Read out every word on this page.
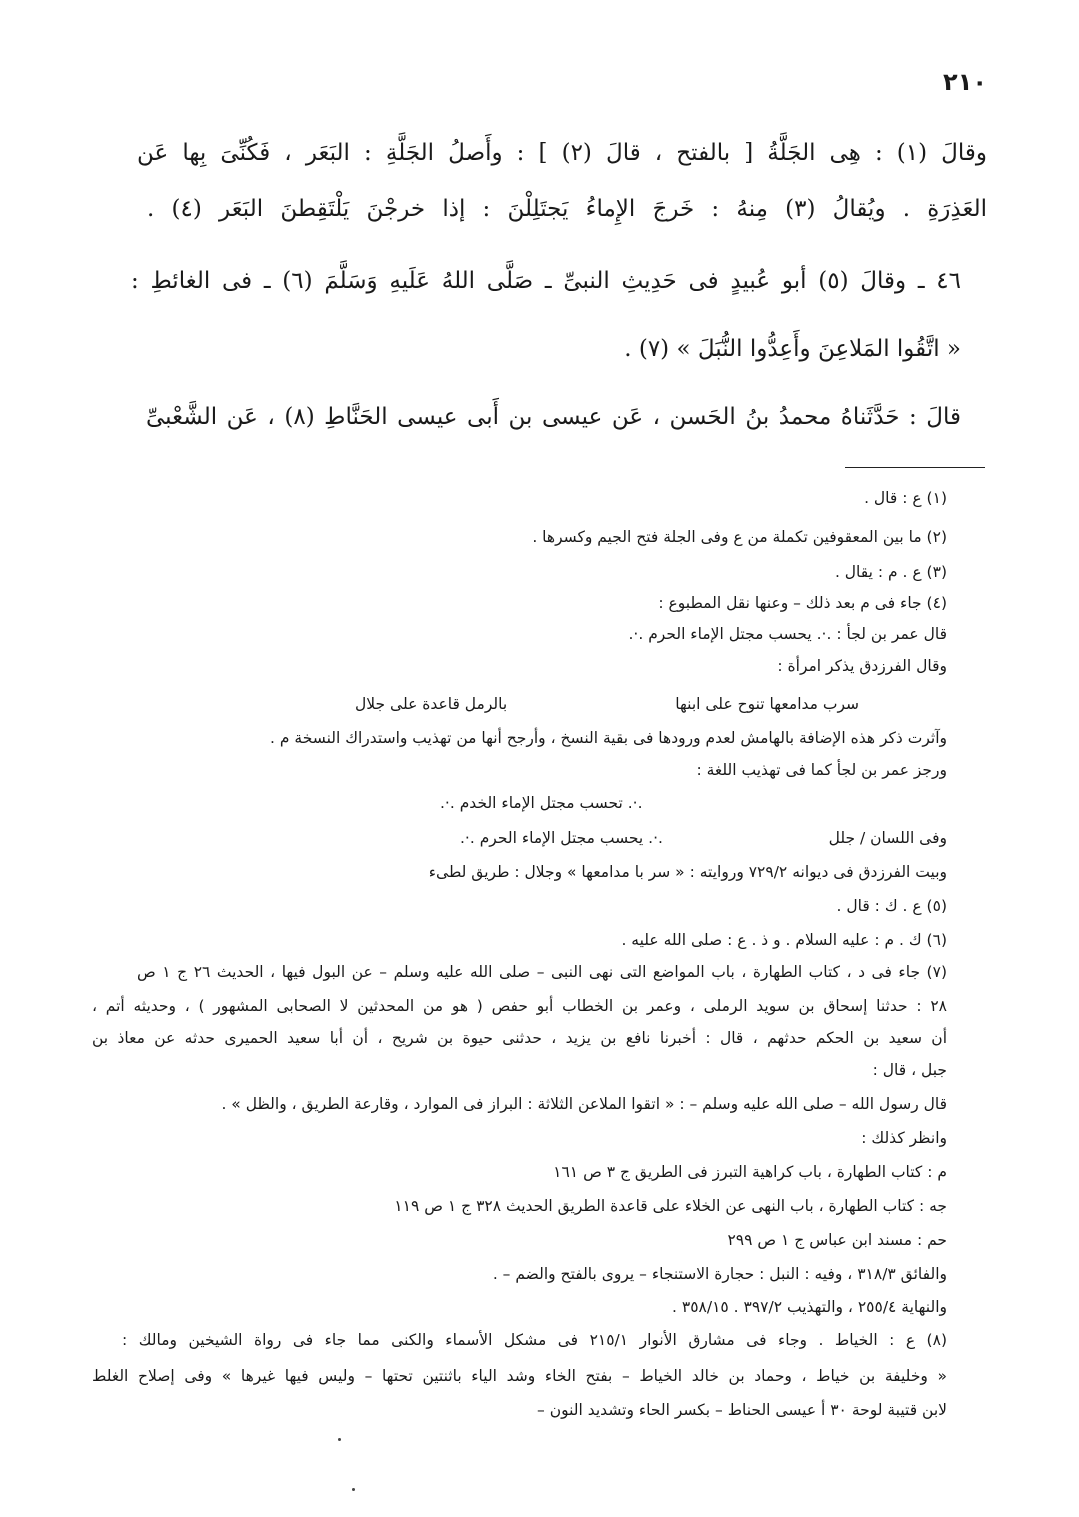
٢١٠
وقالَ (١) : هِى الجَلَّةُ [ بالفتح ، قالَ (٢) ] : وأَصلُ الجَلَّةِ : البَعَر ، فَكُنِّىَ بِها عَن
العَذِرَةِ . ويُقالُ (٣) مِنهُ : خَرجَ الإِماءُ يَجتَلِلْنَ : إذا خرجْنَ يَلْتَقِطنَ البَعَر (٤) .
٤٦ ـ وقالَ (٥) أبو عُبيدٍ فى حَدِيثِ النبىِّ ـ صَلَّى اللهُ عَلَيهِ وَسَلَّمَ (٦) ـ فى الغائطِ :
« اتَّقُوا المَلاعِنَ وأَعِدُّوا النُّبَلَ » (٧) .
قالَ : حَدَّثَناهُ محمدُ بنُ الحَسن ، عَن عيسى بن أَبى عيسى الحَنَّاطِ (٨) ، عَن الشَّعْبىِّ
(١) ع : قال .
(٢) ما بين المعقوفين تكملة من ع وفى الجلة فتح الجيم وكسرها .
(٣) ع . م : يقال .
(٤) جاء فى م بعد ذلك – وعنها نقل المطبوع :
قال عمر بن لجأ : .·. يحسب مجتل الإماء الحرم .·.
وقال الفرزدق يذكر امرأة :
سرب مدامعها تنوح على ابنها
بالرمل قاعدة على جلال
وآثرت ذكر هذه الإضافة بالهامش لعدم ورودها فى بقية النسخ ، وأرجح أنها من تهذيب واستدراك النسخة م .
ورجز عمر بن لجأ كما فى تهذيب اللغة :
.·. تحسب مجتل الإماء الخدم .·.
وفى اللسان / جلل
.·. يحسب مجتل الإماء الحرم .·.
وبيت الفرزدق فى ديوانه ٧٢٩/٢ وروايته : « سر با مدامعها » وجلال : طريق لطىء
(٥) ع . ك : قال .
(٦) ك . م : عليه السلام . و ذ . ع : صلى الله عليه .
(٧) جاء فى د ، كتاب الطهارة ، باب المواضع التى نهى النبى – صلى الله عليه وسلم – عن البول فيها ، الحديث ٢٦ ج ١ ص
٢٨ : حدثنا إسحاق بن سويد الرملى ، وعمر بن الخطاب أبو حفص ( هو من المحدثين لا الصحابى المشهور ) ، وحديثه أتم ،
أن سعيد بن الحكم حدثهم ، قال : أخبرنا نافع بن يزيد ، حدثنى حيوة بن شريح ، أن أبا سعيد الحميرى حدثه عن معاذ بن
جبل ، قال :
قال رسول الله – صلى الله عليه وسلم – : « اتقوا الملاعن الثلاثة : البراز فى الموارد ، وقارعة الطريق ، والظل » .
وانظر كذلك :
م : كتاب الطهارة ، باب كراهية التبرز فى الطريق ج ٣ ص ١٦١
جه : كتاب الطهارة ، باب النهى عن الخلاء على قاعدة الطريق الحديث ٣٢٨ ج ١ ص ١١٩
حم : مسند ابن عباس ج ١ ص ٢٩٩
والفائق ٣١٨/٣ ، وفيه : النبل : حجارة الاستنجاء – يروى بالفتح والضم – .
والنهاية ٢٥٥/٤ ، والتهذيب ٣٩٧/٢ . ٣٥٨/١٥ .
(٨) ع : الخياط . وجاء فى مشارق الأنوار ٢١٥/١ فى مشكل الأسماء والكنى مما جاء فى رواة الشيخين ومالك :
« وخليفة بن خياط ، وحماد بن خالد الخياط – بفتح الخاء وشد الياء باثنتين تحتها – وليس فيها غيرها » وفى إصلاح الغلط
لابن قتيبة لوحة ٣٠ أ عيسى الحناط – بكسر الحاء وتشديد النون –
